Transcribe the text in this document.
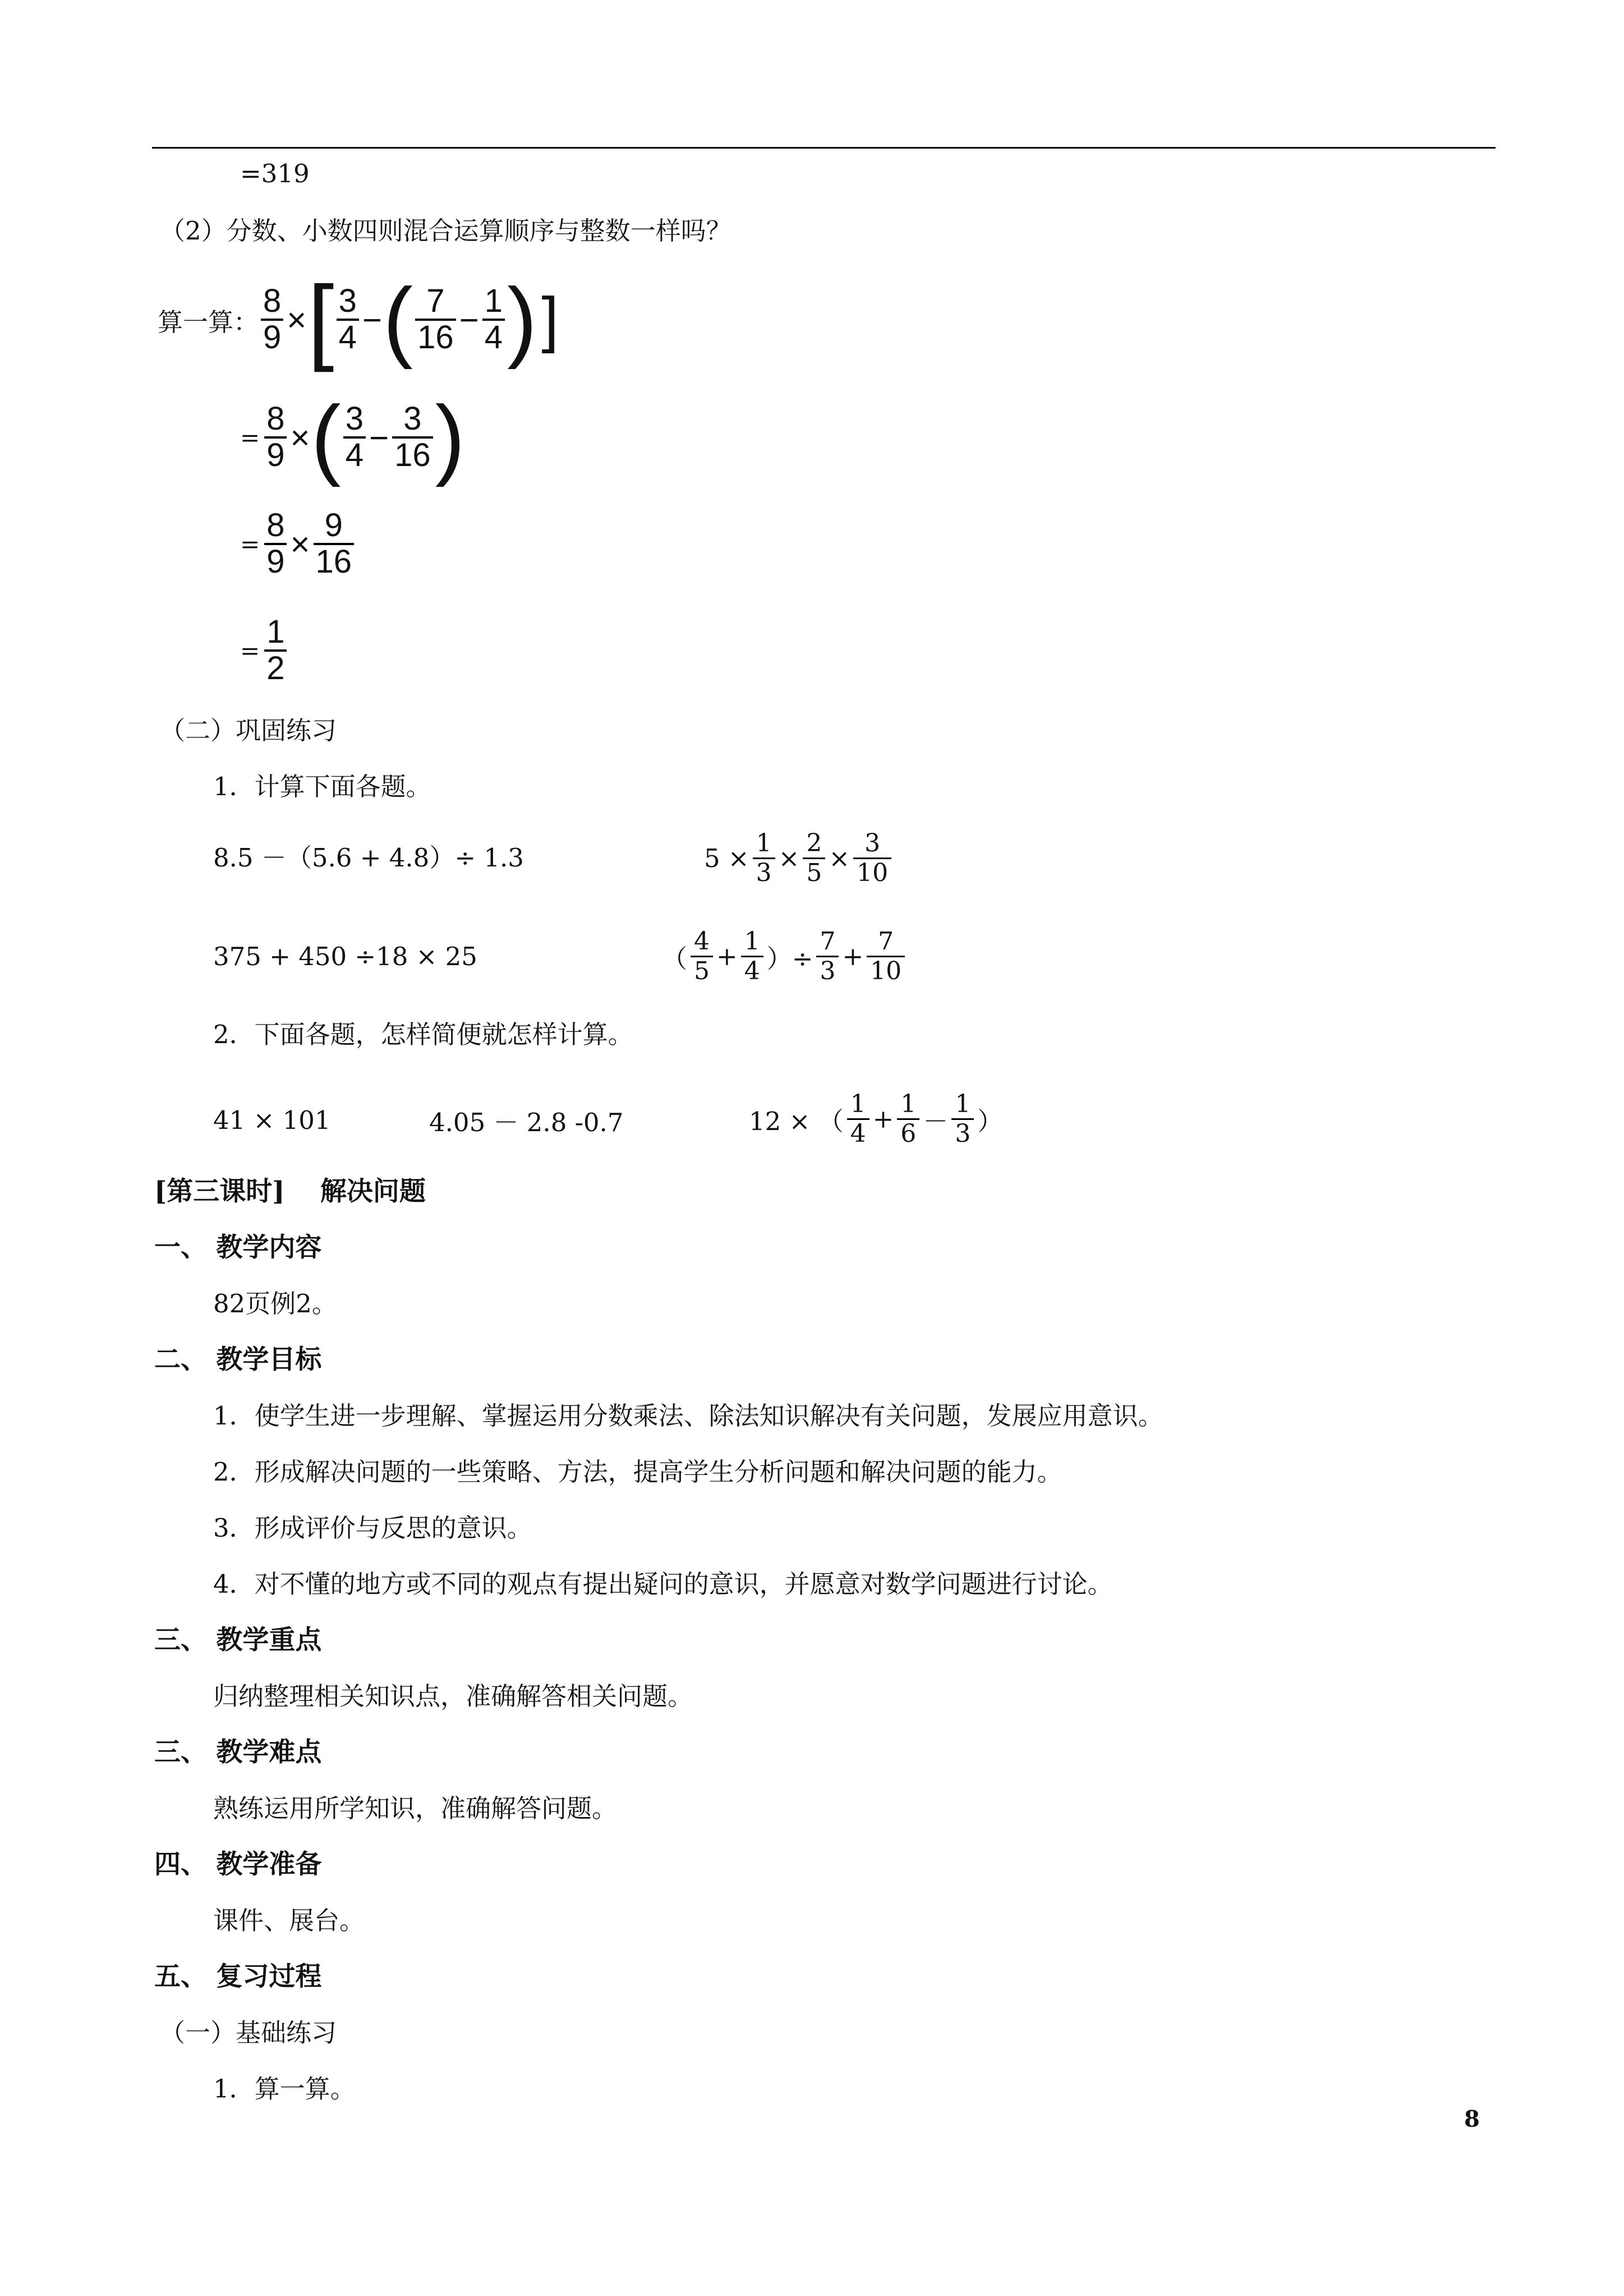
=319
（2）分数、小数四则混合运算顺序与整数一样吗？
算一算： $\frac{8}{9}$ × [ $\frac{3}{4}$ − ( $\frac{7}{16} - \frac{1}{4}$ ) ]
= $\frac{8}{9}$ × ( $\frac{3}{4} - \frac{3}{16}$ )
= $\frac{8}{9} \times \frac{9}{16}$
= $\frac{1}{2}$
（二）巩固练习
1．计算下面各题。
8.5 －（5.6 + 4.8）÷ 1.3	5 × 1
3 × 2
5 × 3
10
375 + 450 ÷18 × 25	（
4
5 + 1
4 ）÷
7
3 + 7
10
2．下面各题，怎样简便就怎样计算。
41 × 101	4.05 － 2.8 -0.7	12 × （
1
4 + 1
6 －
1
3 ）
[第三课时]　 解决问题
一、 教学内容
82页例2。
二、 教学目标
1．使学生进一步理解、掌握运用分数乘法、除法知识解决有关问题，发展应用意识。
2．形成解决问题的一些策略、方法，提高学生分析问题和解决问题的能力。
3．形成评价与反思的意识。
4．对不懂的地方或不同的观点有提出疑问的意识，并愿意对数学问题进行讨论。
三、 教学重点
归纳整理相关知识点，准确解答相关问题。
三、 教学难点
熟练运用所学知识，准确解答问题。
四、 教学准备
课件、展台。
五、 复习过程
（一）基础练习
1．算一算。
8
